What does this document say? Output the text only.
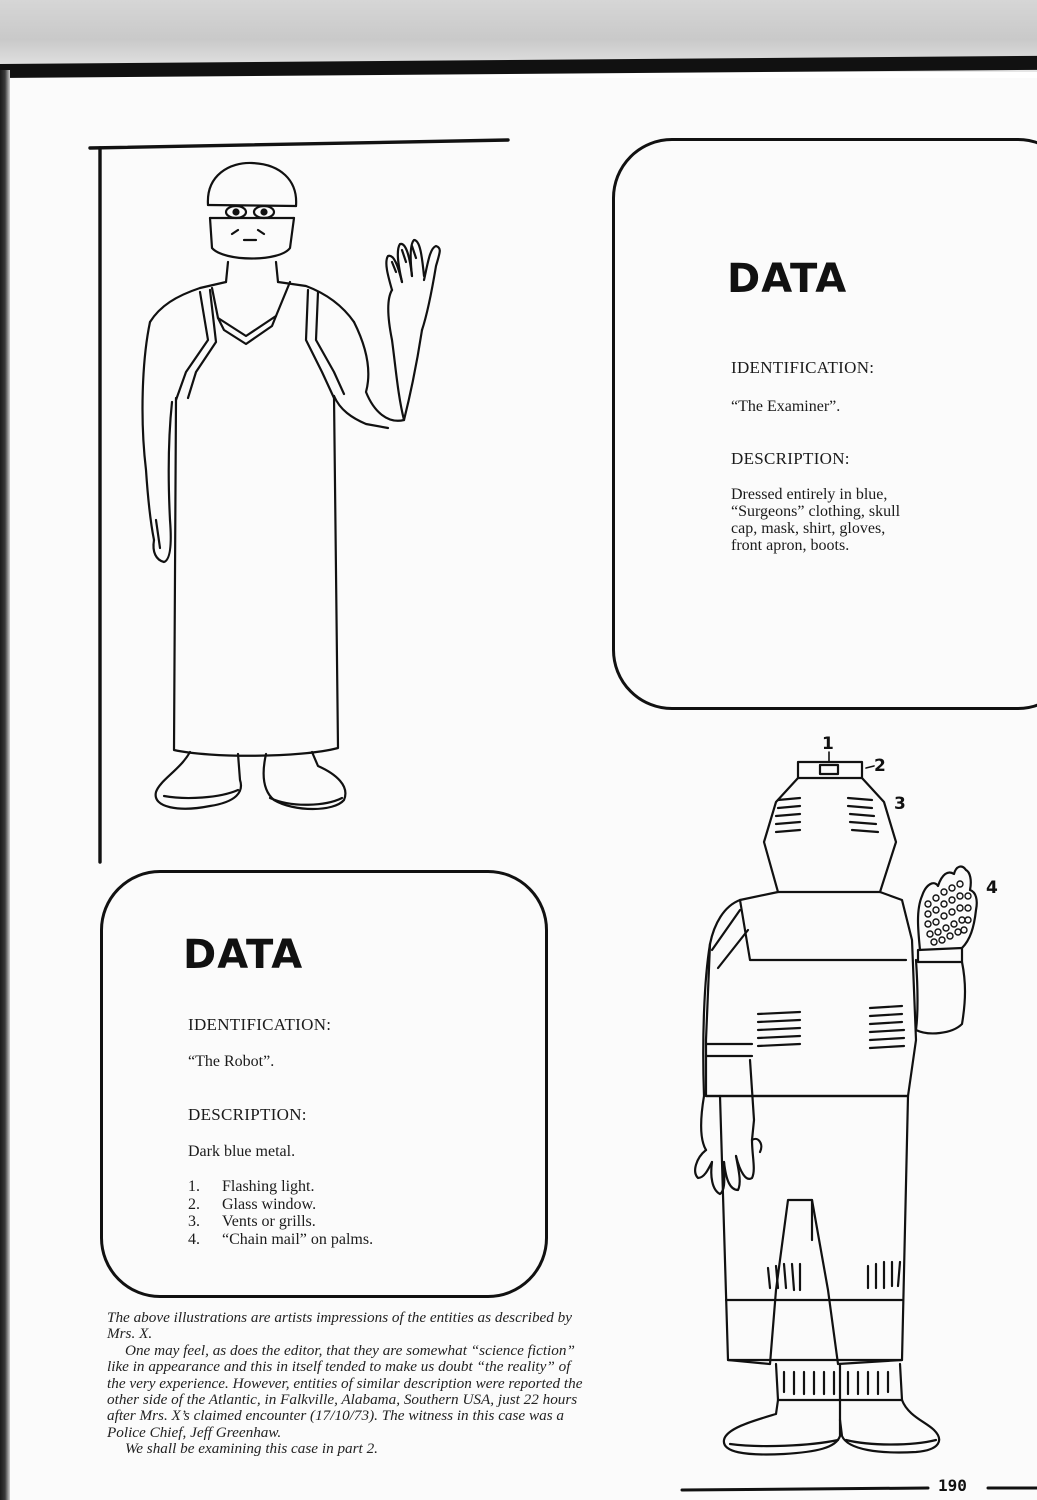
DATA
IDENTIFICATION:
“The Examiner”.
DESCRIPTION:
Dressed entirely in blue,
“Surgeons” clothing, skull
cap, mask, shirt, gloves,
front apron, boots.
DATA
IDENTIFICATION:
“The Robot”.
DESCRIPTION:
Dark blue metal.
1.	Flashing light.
2.	Glass window.
3.	Vents or grills.
4.	“Chain mail” on palms.
1
2
3
4

The above illustrations are artists impressions of the entities as described by Mrs. X.

One may feel, as does the editor, that they are somewhat “science fiction” like in appearance and this in itself tended to make us doubt “the reality” of the very experience. However, entities of similar description were reported the other side of the Atlantic, in Falkville, Alabama, Southern USA, just 22 hours after Mrs. X’s claimed encounter (17/10/73). The witness in this case was a Police Chief, Jeff Greenhaw.

We shall be examining this case in part 2.

190
